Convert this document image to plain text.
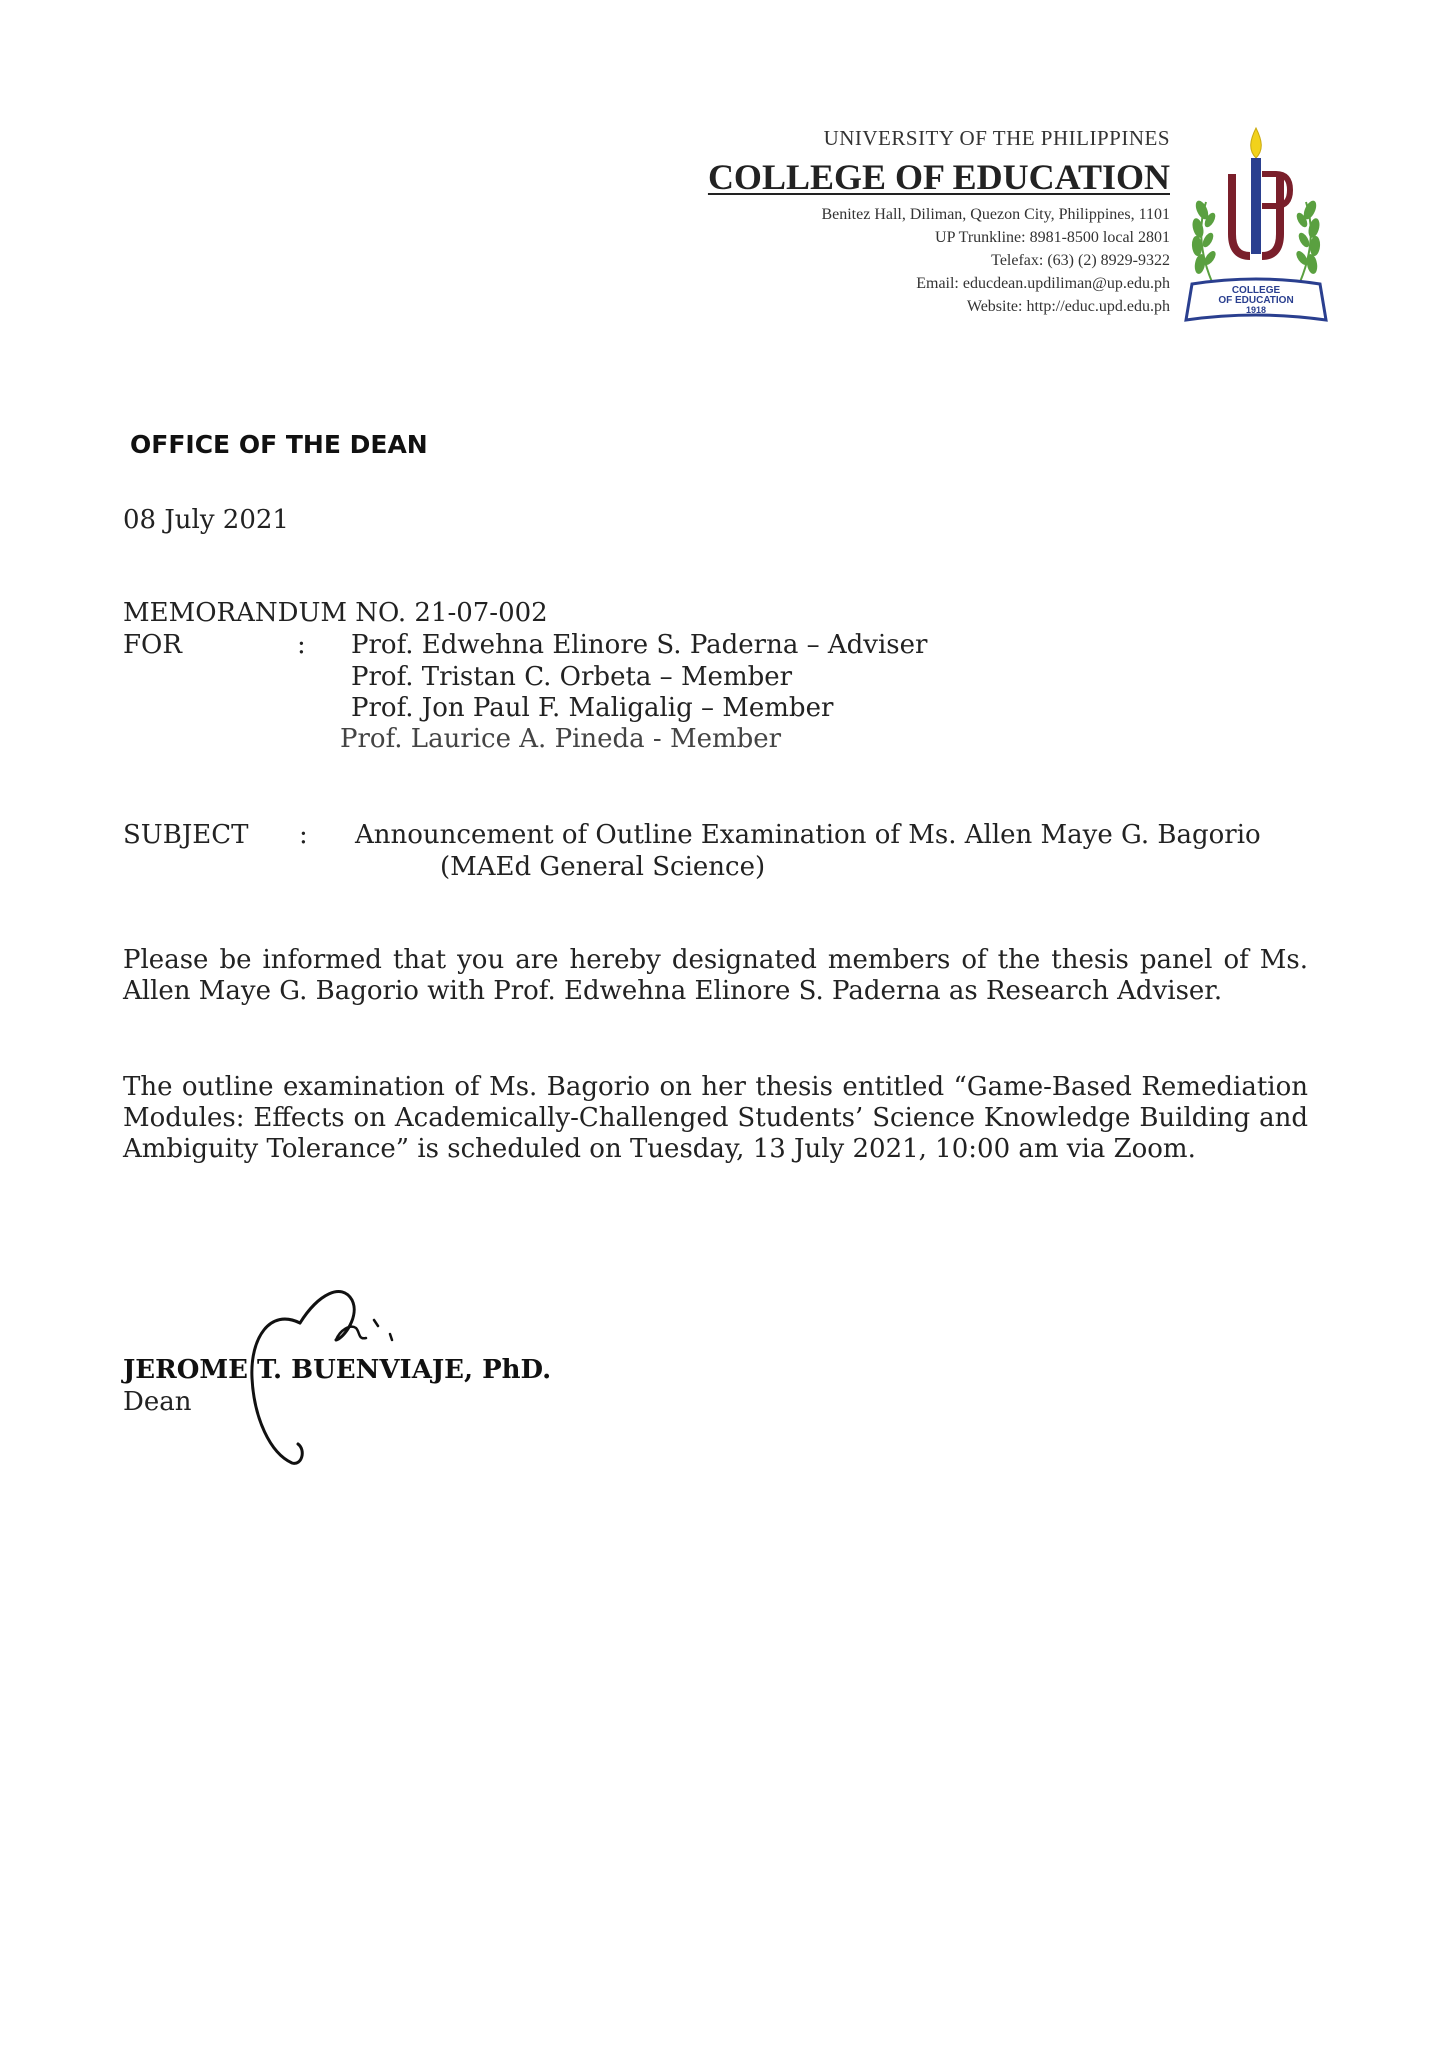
UNIVERSITY OF THE PHILIPPINES
COLLEGE OF EDUCATION
Benitez Hall, Diliman, Quezon City, Philippines, 1101
UP Trunkline: 8981-8500 local 2801
Telefax: (63) (2) 8929-9322
Email: educdean.updiliman@up.edu.ph
Website: http://educ.upd.edu.ph
COLLEGE
OF EDUCATION
1918
OFFICE OF THE DEAN
08 July 2021
MEMORANDUM NO. 21-07-002
FOR	: Prof. Edwehna Elinore S. Paderna – Adviser
Prof. Tristan C. Orbeta – Member
Prof. Jon Paul F. Maligalig – Member
Prof. Laurice A. Pineda - Member
SUBJECT : Announcement of Outline Examination of Ms. Allen Maye G. Bagorio
(MAEd General Science)
Please be informed that you are hereby designated members of the thesis panel of Ms. Allen Maye G. Bagorio with Prof. Edwehna Elinore S. Paderna as Research Adviser.
The outline examination of Ms. Bagorio on her thesis entitled “Game-Based Remediation Modules: Effects on Academically-Challenged Students’ Science Knowledge Building and Ambiguity Tolerance” is scheduled on Tuesday, 13 July 2021, 10:00 am via Zoom.
JEROME T. BUENVIAJE, PhD.
Dean
